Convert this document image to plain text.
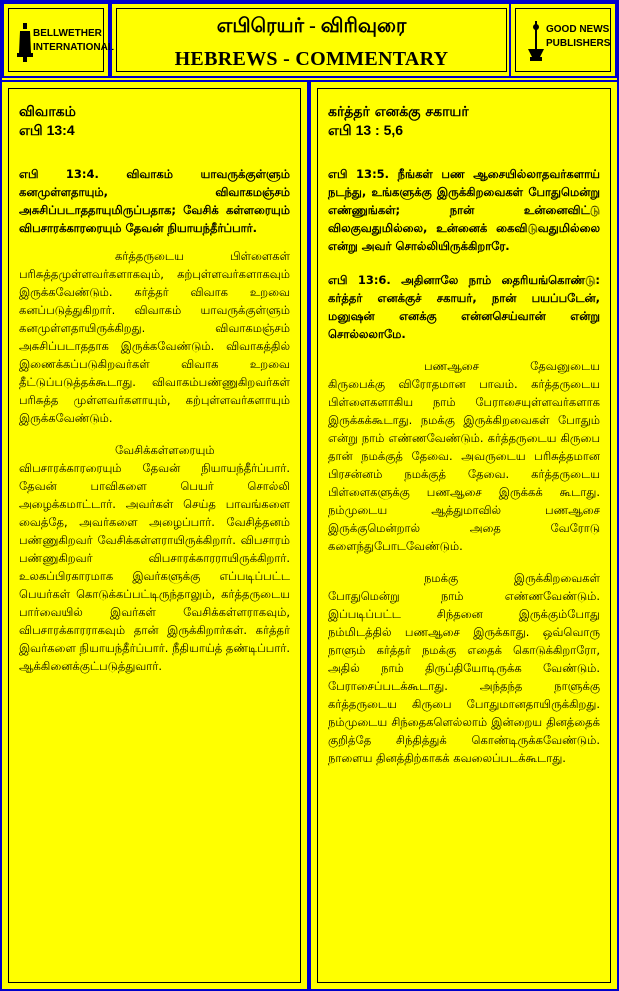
BELLWETHER
INTERNATIONAL
எபிரெயர் - விரிவுரை
HEBREWS - COMMENTARY
GOOD NEWS
PUBLISHERS
விவாகம்
எபி 13:4
எபி 13:4. விவாகம் யாவருக்குள்ளும் கனமுள்ளதாயும், விவாகமஞ்சம் அசுசிப்படாததாயுமிருப்பதாக; வேசிக் கள்ளரையும் விபசாரக்காரரையும் தேவன் நியாயந்தீர்ப்பார்.
கர்த்தருடைய பிள்ளைகள் பரிசுத்தமுள்ளவர்களாகவும், கற்புள்ளவர்களாகவும் இருக்கவேண்டும். கர்த்தர் விவாக உறவை கனப்படுத்துகிறார். விவாகம் யாவருக்குள்ளும் கனமுள்ளதாயிருக்கிறது. விவாகமஞ்சம் அசுசிப்படாததாக இருக்கவேண்டும். விவாகத்தில் இணைக்கப்படுகிறவர்கள் விவாக உறவை தீட்டுப்படுத்தக்கூடாது. விவாகம்பண்ணுகிறவர்கள் பரிசுத்த முள்ளவர்களாயும், கற்புள்ளவர்களாயும் இருக்கவேண்டும்.
வேசிக்கள்ளரையும் விபசாரக்காரரையும் தேவன் நியாயந்தீர்ப்பார். தேவன் பாவிகளை பெயர் சொல்லி அழைக்கமாட்டார். அவர்கள் செய்த பாவங்களை வைத்தே, அவர்களை அழைப்பார். வேசித்தனம் பண்ணுகிறவர் வேசிக்கள்ளராயிருக்கிறார். விபசாரம் பண்ணுகிறவர் விபசாரக்காரராயிருக்கிறார். உலகப்பிரகாரமாக இவர்களுக்கு எப்படிப்பட்ட பெயர்கள் கொடுக்கப்பட்டிருந்தாலும், கர்த்தருடைய பார்வையில் இவர்கள் வேசிக்கள்ளராகவும், விபசாரக்காரராகவும் தான் இருக்கிறார்கள். கர்த்தர் இவர்களை நியாயந்தீர்ப்பார். நீதியாய்த் தண்டிப்பார். ஆக்கினைக்குட்படுத்துவார்.
கர்த்தர் எனக்கு சகாயர்
எபி 13 : 5,6
எபி 13:5. நீங்கள் பண ஆசையில்லாதவர்களாய் நடந்து, உங்களுக்கு இருக்கிறவைகள் போதுமென்று எண்ணுங்கள்; நான் உன்னைவிட்டு விலகுவதுமில்லை, உன்னைக் கைவிடுவதுமில்லை என்று அவர் சொல்லியிருக்கிறாரே.
எபி 13:6. அதினாலே நாம் தைரியங்கொண்டு: கர்த்தர் எனக்குச் சகாயர், நான் பயப்படேன், மனுஷன் எனக்கு என்னசெய்வான் என்று சொல்லலாமே.
பணஆசை தேவனுடைய கிருபைக்கு விரோதமான பாவம். கர்த்தருடைய பிள்ளைகளாகிய நாம் பேராசையுள்ளவர்களாக இருக்கக்கூடாது. நமக்கு இருக்கிறவைகள் போதும் என்று நாம் எண்ணவேண்டும். கர்த்தருடைய கிருபை தான் நமக்குத் தேவை. அவருடைய பரிசுத்தமான பிரசன்னம் நமக்குத் தேவை. கர்த்தருடைய பிள்ளைகளுக்கு பணஆசை இருக்கக் கூடாது. நம்முடைய ஆத்துமாவில் பணஆசை இருக்குமென்றால் அதை வேரோடு களைந்துபோடவேண்டும்.
நமக்கு இருக்கிறவைகள் போதுமென்று நாம் எண்ணவேண்டும். இப்படிப்பட்ட சிந்தனை இருக்கும்போது நம்மிடத்தில் பணஆசை இருக்காது. ஒவ்வொரு நாளும் கர்த்தர் நமக்கு எதைக் கொடுக்கிறாரோ, அதில் நாம் திருப்தியோடிருக்க வேண்டும். பேராசைப்படக்கூடாது. அந்தந்த நாளுக்கு கர்த்தருடைய கிருபை போதுமானதாயிருக்கிறது. நம்முடைய சிந்தைகளெல்லாம் இன்றைய தினத்தைக் குறித்தே சிந்தித்துக் கொண்டிருக்கவேண்டும். நாளைய தினத்திற்காகக் கவலைப்படக்கூடாது.
